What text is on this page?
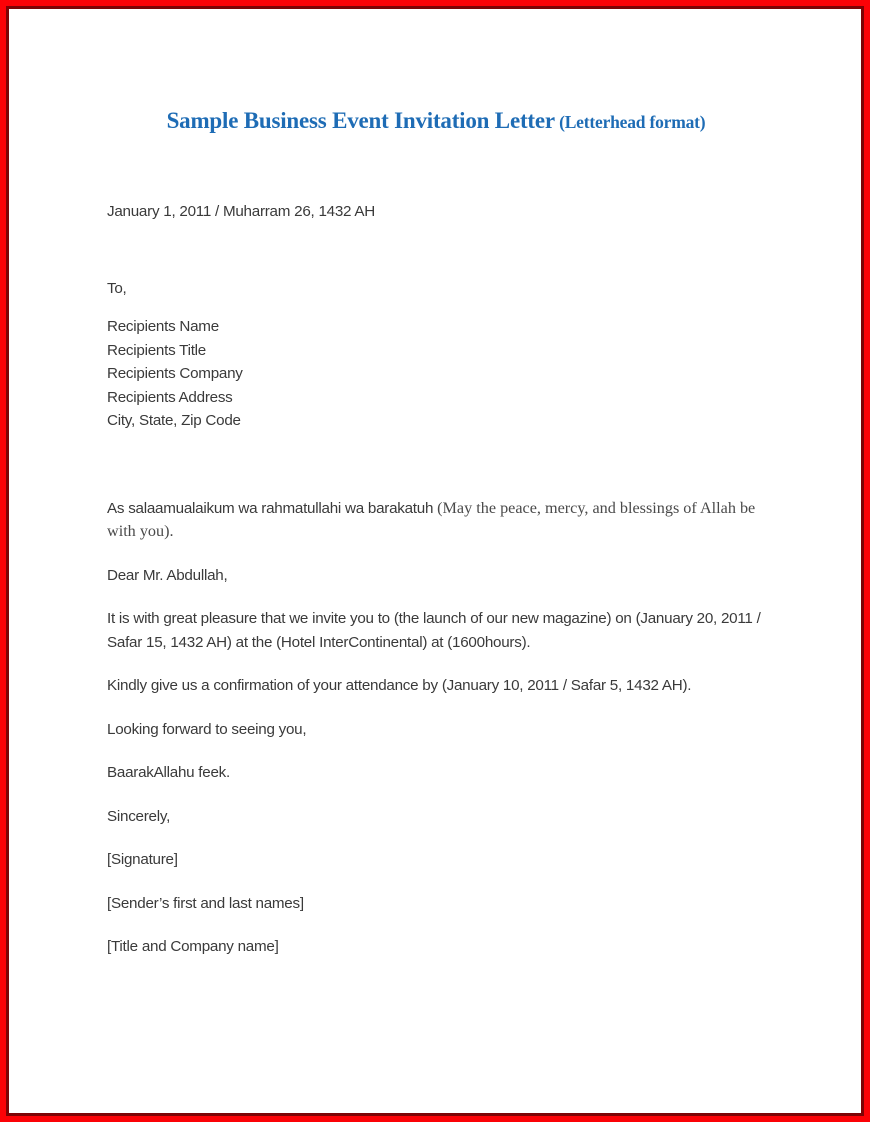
Sample Business Event Invitation Letter (Letterhead format)

January 1, 2011 / Muharram 26, 1432 AH

To,

Recipients Name

Recipients Title

Recipients Company

Recipients Address

City, State, Zip Code

As salaamualaikum wa rahmatullahi wa barakatuh (May the peace, mercy, and blessings of Allah be with you).

Dear Mr. Abdullah,

It is with great pleasure that we invite you to (the launch of our new magazine) on (January 20, 2011 / Safar 15, 1432 AH) at the (Hotel InterContinental) at (1600hours).

Kindly give us a confirmation of your attendance by (January 10, 2011 / Safar 5, 1432 AH).

Looking forward to seeing you,

BaarakAllahu feek.

Sincerely,

[Signature]

[Sender’s first and last names]

[Title and Company name]
